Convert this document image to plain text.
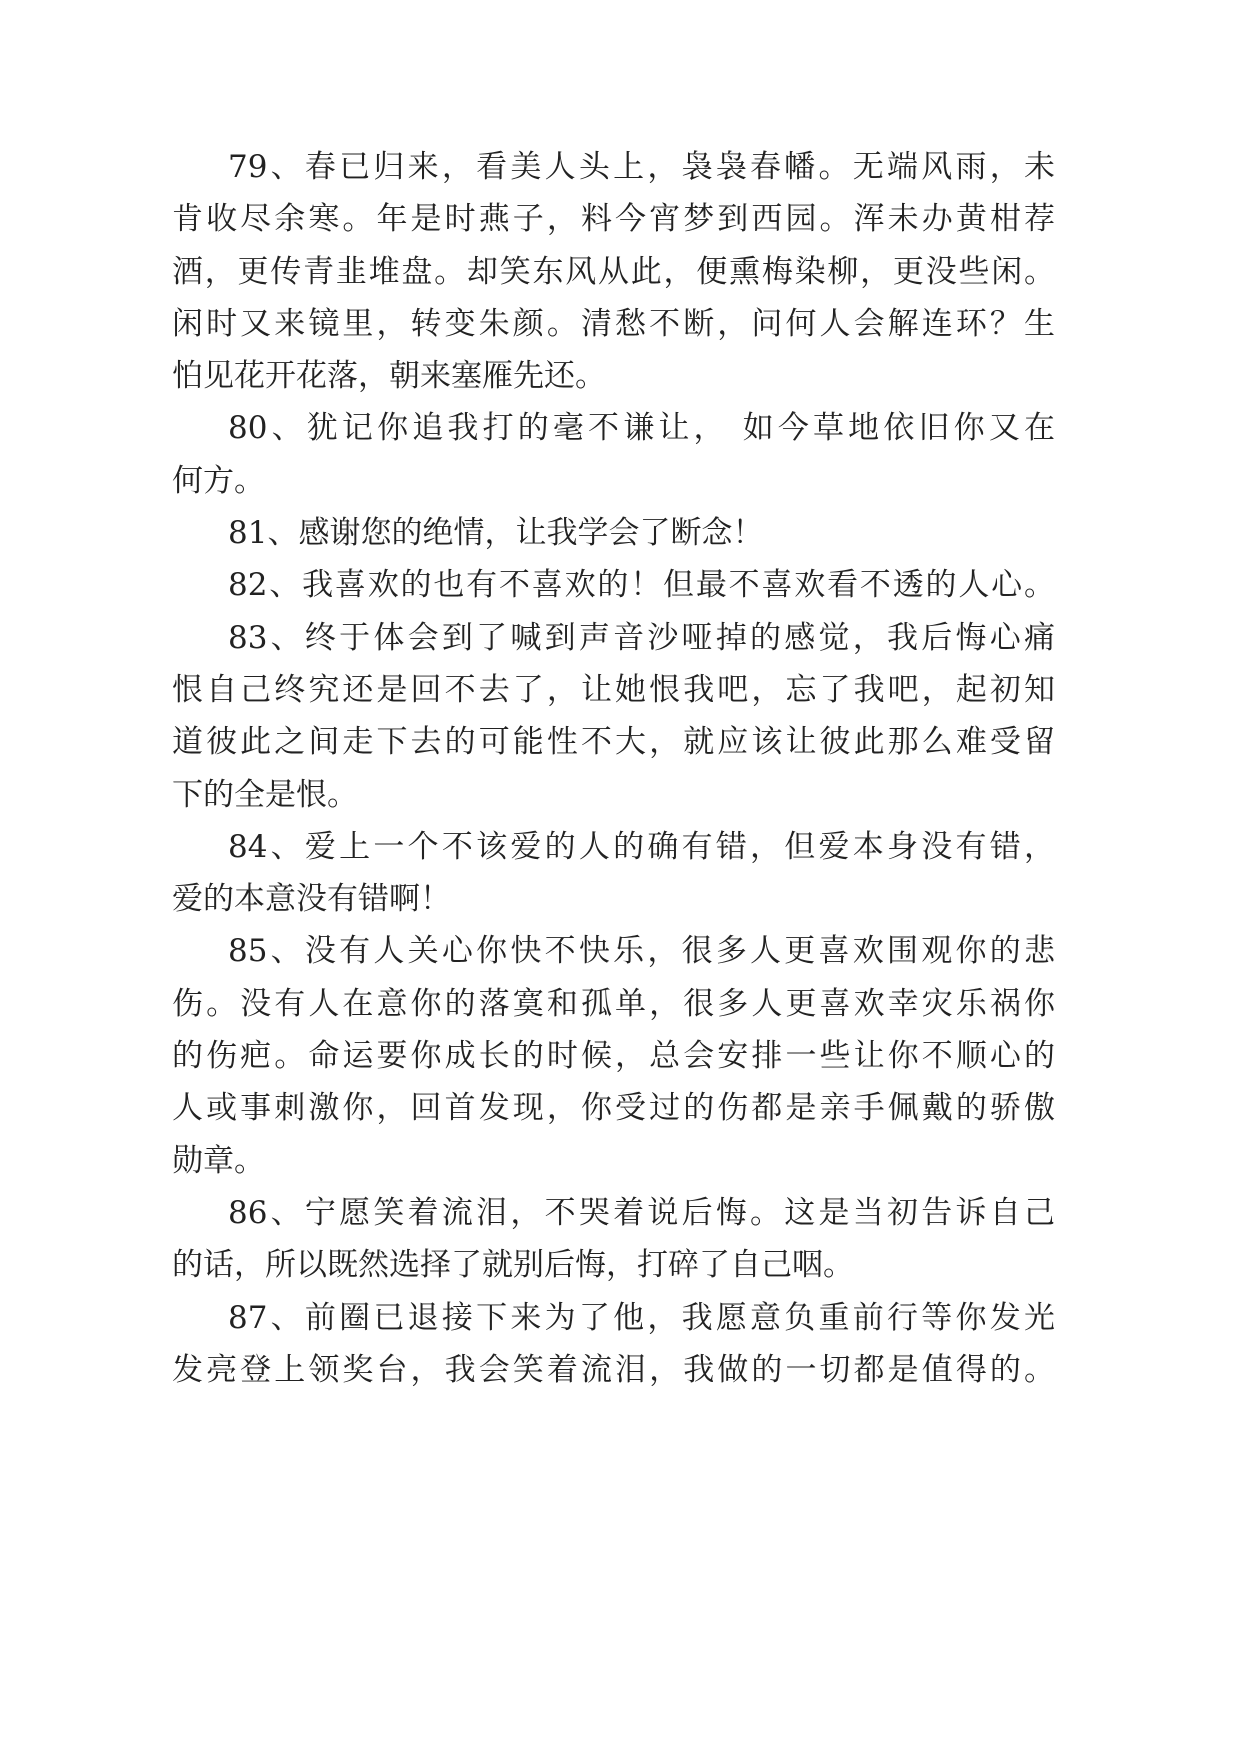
79、春已归来，看美人头上，袅袅春幡。无端风雨，未
肯收尽余寒。年是时燕子，料今宵梦到西园。浑未办黄柑荐
酒，更传青韭堆盘。却笑东风从此，便熏梅染柳，更没些闲。
闲时又来镜里，转变朱颜。清愁不断，问何人会解连环？生
怕见花开花落，朝来塞雁先还。
80、犹记你追我打的毫不谦让， 如今草地依旧你又在
何方。
81、感谢您的绝情，让我学会了断念！
82、我喜欢的也有不喜欢的！但最不喜欢看不透的人心。
83、终于体会到了喊到声音沙哑掉的感觉，我后悔心痛
恨自己终究还是回不去了，让她恨我吧，忘了我吧，起初知
道彼此之间走下去的可能性不大，就应该让彼此那么难受留
下的全是恨。
84、爱上一个不该爱的人的确有错，但爱本身没有错，
爱的本意没有错啊！
85、没有人关心你快不快乐，很多人更喜欢围观你的悲
伤。没有人在意你的落寞和孤单，很多人更喜欢幸灾乐祸你
的伤疤。命运要你成长的时候，总会安排一些让你不顺心的
人或事刺激你，回首发现，你受过的伤都是亲手佩戴的骄傲
勋章。
86、宁愿笑着流泪，不哭着说后悔。这是当初告诉自己
的话，所以既然选择了就别后悔，打碎了自己咽。
87、前圈已退接下来为了他，我愿意负重前行等你发光
发亮登上领奖台，我会笑着流泪，我做的一切都是值得的。
